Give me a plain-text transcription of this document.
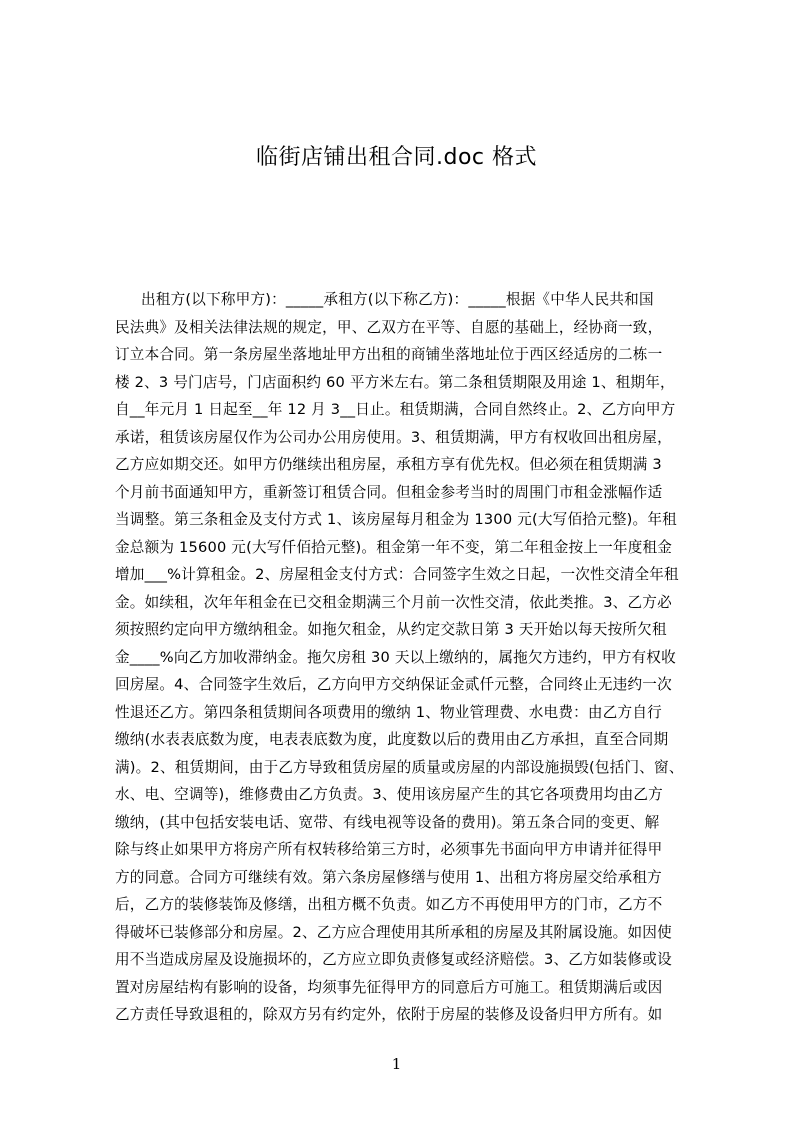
临街店铺出租合同.doc 格式
出租方(以下称甲方)：_____承租方(以下称乙方)：_____根据《中华人民共和国
民法典》及相关法律法规的规定，甲、乙双方在平等、自愿的基础上，经协商一致，
订立本合同。第一条房屋坐落地址甲方出租的商铺坐落地址位于西区经适房的二栋一
楼 2、3 号门店号，门店面积约 60 平方米左右。第二条租赁期限及用途 1、租期年，
自__年元月 1 日起至__年 12 月 3__日止。租赁期满，合同自然终止。2、乙方向甲方
承诺，租赁该房屋仅作为公司办公用房使用。3、租赁期满，甲方有权收回出租房屋，
乙方应如期交还。如甲方仍继续出租房屋，承租方享有优先权。但必须在租赁期满 3
个月前书面通知甲方，重新签订租赁合同。但租金参考当时的周围门市租金涨幅作适
当调整。第三条租金及支付方式 1、该房屋每月租金为 1300 元(大写佰拾元整)。年租
金总额为 15600 元(大写仟佰拾元整)。租金第一年不变，第二年租金按上一年度租金
增加___%计算租金。2、房屋租金支付方式：合同签字生效之日起，一次性交清全年租
金。如续租，次年年租金在已交租金期满三个月前一次性交清，依此类推。3、乙方必
须按照约定向甲方缴纳租金。如拖欠租金，从约定交款日第 3 天开始以每天按所欠租
金____%向乙方加收滞纳金。拖欠房租 30 天以上缴纳的，属拖欠方违约，甲方有权收
回房屋。4、合同签字生效后，乙方向甲方交纳保证金贰仟元整，合同终止无违约一次
性退还乙方。第四条租赁期间各项费用的缴纳 1、物业管理费、水电费：由乙方自行
缴纳(水表表底数为度，电表表底数为度，此度数以后的费用由乙方承担，直至合同期
满)。2、租赁期间，由于乙方导致租赁房屋的质量或房屋的内部设施损毁(包括门、窗、
水、电、空调等)，维修费由乙方负责。3、使用该房屋产生的其它各项费用均由乙方
缴纳，(其中包括安装电话、宽带、有线电视等设备的费用)。第五条合同的变更、解
除与终止如果甲方将房产所有权转移给第三方时，必须事先书面向甲方申请并征得甲
方的同意。合同方可继续有效。第六条房屋修缮与使用 1、出租方将房屋交给承租方
后，乙方的装修装饰及修缮，出租方概不负责。如乙方不再使用甲方的门市，乙方不
得破坏已装修部分和房屋。2、乙方应合理使用其所承租的房屋及其附属设施。如因使
用不当造成房屋及设施损坏的，乙方应立即负责修复或经济赔偿。3、乙方如装修或设
置对房屋结构有影响的设备，均须事先征得甲方的同意后方可施工。租赁期满后或因
乙方责任导致退租的，除双方另有约定外，依附于房屋的装修及设备归甲方所有。如
1
